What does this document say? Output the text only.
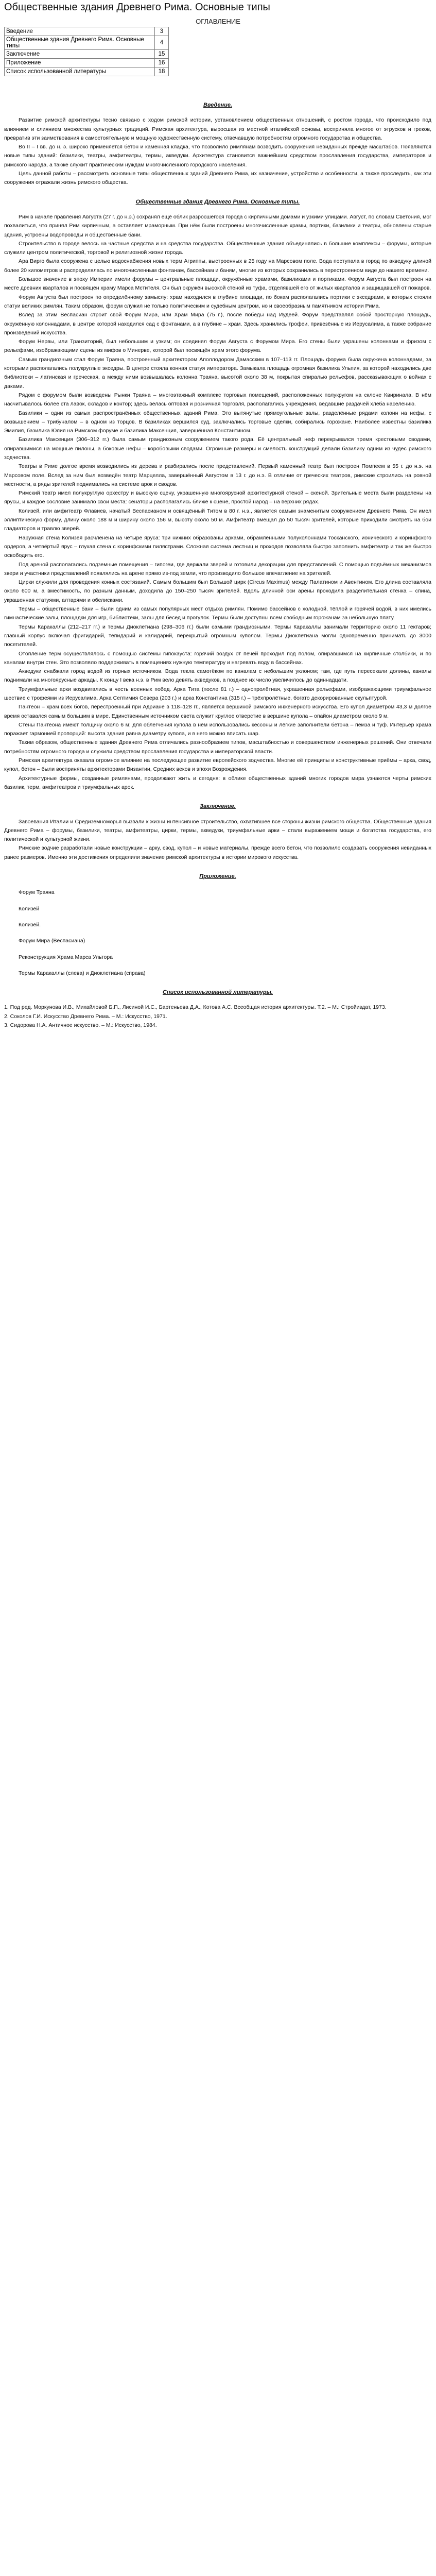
Общественные здания Древнего Рима. Основные типы
ОГЛАВЛЕНИЕ
Введение	3
Общественные здания Древнего Рима. Основные типы	4
Заключение	15
Приложение	16
Список использованной литературы	18
Введение.

Развитие римской архитектуры тесно связано с ходом римской истории, установлением общественных отношений, с ростом города, что происходило под влиянием и слиянием множества культурных традиций. Римская архитектура, выросшая из местной италийской основы, восприняла многое от этрусков и греков, превратив эти заимствования в самостоятельную и мощную художественную систему, отвечавшую потребностям огромного государства и общества.

Во II – I вв. до н. э. широко применяется бетон и каменная кладка, что позволило римлянам возводить сооружения невиданных прежде масштабов. Появляются новые типы зданий: базилики, театры, амфитеатры, термы, акведуки. Архитектура становится важнейшим средством прославления государства, императоров и римского народа, а также служит практическим нуждам многочисленного городского населения.

Цель данной работы – рассмотреть основные типы общественных зданий Древнего Рима, их назначение, устройство и особенности, а также проследить, как эти сооружения отражали жизнь римского общества.

Общественные здания Древнего Рима. Основные типы.

Рим в начале правления Августа (27 г. до н.э.) сохранял ещё облик разросшегося города с кирпичными домами и узкими улицами. Август, по словам Светония, мог похвалиться, что принял Рим кирпичным, а оставляет мраморным. При нём были построены многочисленные храмы, портики, базилики и театры, обновлены старые здания, устроены водопроводы и общественные бани.

Строительство в городе велось на частные средства и на средства государства. Общественные здания объединялись в большие комплексы – форумы, которые служили центром политической, торговой и религиозной жизни города.

Ара Вирго была сооружена с целью водоснабжения новых терм Агриппы, выстроенных в 25 году на Марсовом поле. Вода поступала в город по акведуку длиной более 20 километров и распределялась по многочисленным фонтанам, бассейнам и баням, многие из которых сохранились в перестроенном виде до нашего времени.

Большое значение в эпоху Империи имели форумы – центральные площади, окружённые храмами, базиликами и портиками. Форум Августа был построен на месте древних кварталов и посвящён храму Марса Мстителя. Он был окружён высокой стеной из туфа, отделявшей его от жилых кварталов и защищавшей от пожаров.

Форум Августа был построен по определённому замыслу: храм находился в глубине площади, по бокам располагались портики с экседрами, в которых стояли статуи великих римлян. Таким образом, форум служил не только политическим и судебным центром, но и своеобразным памятником истории Рима.

Вслед за этим Веспасиан строит свой Форум Мира, или Храм Мира (75 г.), после победы над Иудеей. Форум представлял собой просторную площадь, окружённую колоннадами, в центре которой находился сад с фонтанами, а в глубине – храм. Здесь хранились трофеи, привезённые из Иерусалима, а также собрание произведений искусства.

Форум Нервы, или Транзиторий, был небольшим и узким; он соединял Форум Августа с Форумом Мира. Его стены были украшены колоннами и фризом с рельефами, изображающими сцены из мифов о Минерве, которой был посвящён храм этого форума.

Самым грандиозным стал Форум Траяна, построенный архитектором Аполлодором Дамасским в 107–113 гг. Площадь форума была окружена колоннадами, за которыми располагались полукруглые экседры. В центре стояла конная статуя императора. Замыкала площадь огромная базилика Ульпия, за которой находились две библиотеки – латинская и греческая, а между ними возвышалась колонна Траяна, высотой около 38 м, покрытая спиралью рельефов, рассказывающих о войнах с даками.

Рядом с форумом были возведены Рынки Траяна – многоэтажный комплекс торговых помещений, расположенных полукругом на склоне Квиринала. В нём насчитывалось более ста лавок, складов и контор; здесь велась оптовая и розничная торговля, располагались учреждения, ведавшие раздачей хлеба населению.

Базилики – одни из самых распространённых общественных зданий Рима. Это вытянутые прямоугольные залы, разделённые рядами колонн на нефы, с возвышением – трибуналом – в одном из торцов. В базиликах вершился суд, заключались торговые сделки, собирались горожане. Наиболее известны базилика Эмилия, базилика Юлия на Римском форуме и базилика Максенция, завершённая Константином.

Базилика Максенция (306–312 гг.) была самым грандиозным сооружением такого рода. Её центральный неф перекрывался тремя крестовыми сводами, опиравшимися на мощные пилоны, а боковые нефы – коробовыми сводами. Огромные размеры и смелость конструкций делали базилику одним из чудес римского зодчества.

Театры в Риме долгое время возводились из дерева и разбирались после представлений. Первый каменный театр был построен Помпеем в 55 г. до н.э. на Марсовом поле. Вслед за ним был возведён театр Марцелла, завершённый Августом в 13 г. до н.э. В отличие от греческих театров, римские строились на ровной местности, а ряды зрителей поднимались на системе арок и сводов.

Римский театр имел полукруглую орхестру и высокую сцену, украшенную многоярусной архитектурной стеной – скеной. Зрительные места были разделены на ярусы, и каждое сословие занимало свои места: сенаторы располагались ближе к сцене, простой народ – на верхних рядах.

Колизей, или амфитеатр Флавиев, начатый Веспасианом и освящённый Титом в 80 г. н.э., является самым знаменитым сооружением Древнего Рима. Он имел эллиптическую форму, длину около 188 м и ширину около 156 м, высоту около 50 м. Амфитеатр вмещал до 50 тысяч зрителей, которые приходили смотреть на бои гладиаторов и травлю зверей.

Наружная стена Колизея расчленена на четыре яруса: три нижних образованы арками, обрамлёнными полуколоннами тосканского, ионического и коринфского ордеров, а четвёртый ярус – глухая стена с коринфскими пилястрами. Сложная система лестниц и проходов позволяла быстро заполнить амфитеатр и так же быстро освободить его.

Под ареной располагались подземные помещения – гипогеи, где держали зверей и готовили декорации для представлений. С помощью подъёмных механизмов звери и участники представлений появлялись на арене прямо из-под земли, что производило большое впечатление на зрителей.

Цирки служили для проведения конных состязаний. Самым большим был Большой цирк (Circus Maximus) между Палатином и Авентином. Его длина составляла около 600 м, а вместимость, по разным данным, доходила до 150–250 тысяч зрителей. Вдоль длинной оси арены проходила разделительная стенка – спина, украшенная статуями, алтарями и обелисками.

Термы – общественные бани – были одним из самых популярных мест отдыха римлян. Помимо бассейнов с холодной, тёплой и горячей водой, в них имелись гимнастические залы, площадки для игр, библиотеки, залы для бесед и прогулок. Термы были доступны всем свободным горожанам за небольшую плату.

Термы Каракаллы (212–217 гг.) и термы Диоклетиана (298–306 гг.) были самыми грандиозными. Термы Каракаллы занимали территорию около 11 гектаров; главный корпус включал фригидарий, тепидарий и калидарий, перекрытый огромным куполом. Термы Диоклетиана могли одновременно принимать до 3000 посетителей.

Отопление терм осуществлялось с помощью системы гипокауста: горячий воздух от печей проходил под полом, опиравшимся на кирпичные столбики, и по каналам внутри стен. Это позволяло поддерживать в помещениях нужную температуру и нагревать воду в бассейнах.

Акведуки снабжали город водой из горных источников. Вода текла самотёком по каналам с небольшим уклоном; там, где путь пересекали долины, каналы поднимали на многоярусные аркады. К концу I века н.э. в Рим вело девять акведуков, а позднее их число увеличилось до одиннадцати.

Триумфальные арки воздвигались в честь военных побед. Арка Тита (после 81 г.) – однопролётная, украшенная рельефами, изображающими триумфальное шествие с трофеями из Иерусалима. Арка Септимия Севера (203 г.) и арка Константина (315 г.) – трёхпролётные, богато декорированные скульптурой.

Пантеон – храм всех богов, перестроенный при Адриане в 118–128 гг., является вершиной римского инженерного искусства. Его купол диаметром 43,3 м долгое время оставался самым большим в мире. Единственным источником света служит круглое отверстие в вершине купола – опайон диаметром около 9 м.

Стены Пантеона имеют толщину около 6 м; для облегчения купола в нём использовались кессоны и лёгкие заполнители бетона – пемза и туф. Интерьер храма поражает гармонией пропорций: высота здания равна диаметру купола, и в него можно вписать шар.

Таким образом, общественные здания Древнего Рима отличались разнообразием типов, масштабностью и совершенством инженерных решений. Они отвечали потребностям огромного города и служили средством прославления государства и императорской власти.

Римская архитектура оказала огромное влияние на последующее развитие европейского зодчества. Многие её принципы и конструктивные приёмы – арка, свод, купол, бетон – были восприняты архитекторами Византии, Средних веков и эпохи Возрождения.

Архитектурные формы, созданные римлянами, продолжают жить и сегодня: в облике общественных зданий многих городов мира узнаются черты римских базилик, терм, амфитеатров и триумфальных арок.

Заключение.

Завоевания Италии и Средиземноморья вызвали к жизни интенсивное строительство, охватившее все стороны жизни римского общества. Общественные здания Древнего Рима – форумы, базилики, театры, амфитеатры, цирки, термы, акведуки, триумфальные арки – стали выражением мощи и богатства государства, его политической и культурной жизни.

Римские зодчие разработали новые конструкции – арку, свод, купол – и новые материалы, прежде всего бетон, что позволило создавать сооружения невиданных ранее размеров. Именно эти достижения определили значение римской архитектуры в истории мирового искусства.

Приложение.

Форум Траяна

Колизей

Колизей.

Форум Мира (Веспасиана)

Реконструкция Храма Марса Ультора

Термы Каракаллы (слева) и Диоклетиана (справа)

Список использованной литературы.

1. Под ред. Моркунова И.В., Михайловой Б.П., Лисиной И.С., Бартеньева Д.А., Котова А.С. Всеобщая история архитектуры. Т.2. – М.: Стройиздат, 1973.

2. Соколов Г.И. Искусство Древнего Рима. – М.: Искусство, 1971.

3. Сидорова Н.А. Античное искусство. – М.: Искусство, 1984.
